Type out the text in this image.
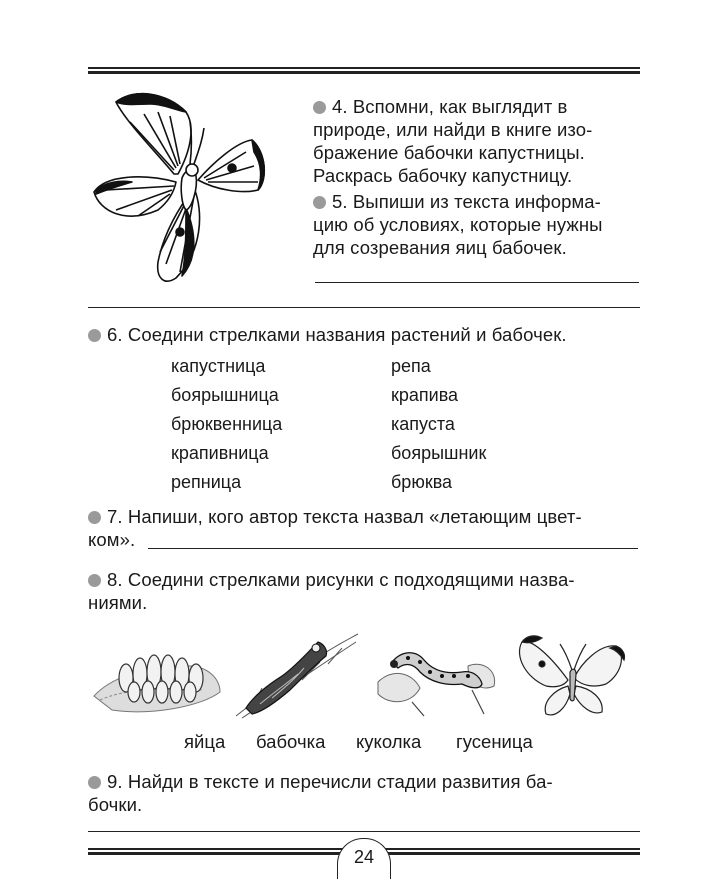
4. Вспомни, как выглядит в
природе, или найди в книге изо-
бражение бабочки капустницы.
Раскрась бабочку капустницу.
5. Выпиши из текста информа-
цию об условиях, которые нужны
для созревания яиц бабочек.
6. Соедини стрелками названия растений и бабочек.
капустница
боярышница
брюквенница
крапивница
репница
репа
крапива
капуста
боярышник
брюква
7. Напиши, кого автор текста назвал «летающим цвет-
ком».
8. Соедини стрелками рисунки с подходящими назва-
ниями.
яйца бабочка куколка гусеница
9. Найди в тексте и перечисли стадии развития ба-
бочки.
24
